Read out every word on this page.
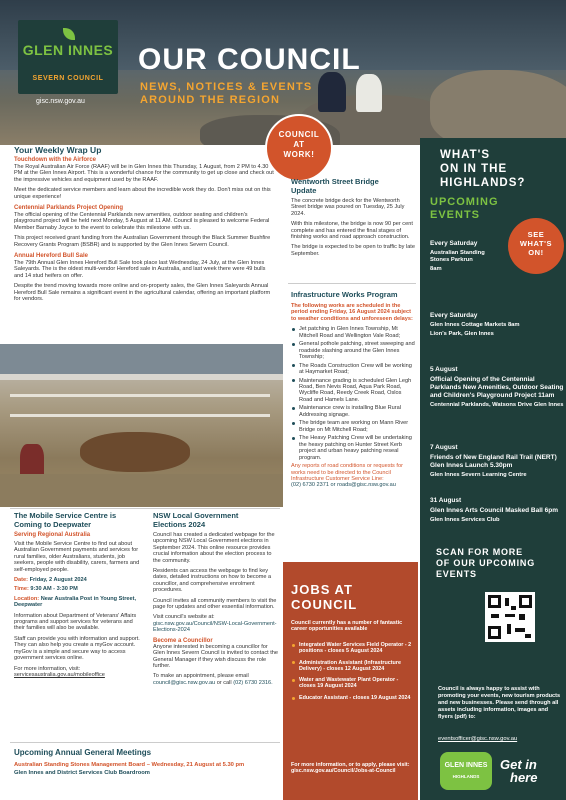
GLEN INNES
SEVERN COUNCIL
gisc.nsw.gov.au
OUR COUNCIL
NEWS, NOTICES & EVENTS
AROUND THE REGION
Your Weekly Wrap Up
Touchdown with the Airforce
The Royal Australian Air Force (RAAF) will be in Glen Innes this Thursday, 1 August, from 2 PM to 4.30 PM at the Glen Innes Airport. This is a wonderful chance for the community to get up close and check out the impressive vehicles and equipment used by the RAAF.
Meet the dedicated service members and learn about the incredible work they do. Don't miss out on this unique experience!
Centennial Parklands Project Opening
The official opening of the Centennial Parklands new amenities, outdoor seating and children's playground project will be held next Monday, 5 August at 11 AM. Council is pleased to welcome Federal Member Barnaby Joyce to the event to celebrate this milestone with us.
This project received grant funding from the Australian Government through the Black Summer Bushfire Recovery Grants Program (BSBR) and is supported by the Glen Innes Severn Council.
Annual Hereford Bull Sale
The 79th Annual Glen Innes Hereford Bull Sale took place last Wednesday, 24 July, at the Glen Innes Saleyards. The is the oldest multi-vendor Hereford sale in Australia, and last week there were 49 bulls and 14 stud heifers on offer.
Despite the trend moving towards more online and on-property sales, the Glen Innes Saleyards Annual Hereford Bull Sale remains a significant event in the agricultural calendar, offering an important platform for vendors.
COUNCIL
AT
WORK!
Wentworth Street Bridge
Update
The concrete bridge deck for the Wentworth Street bridge was poured on Tuesday, 25 July 2024.
With this milestone, the bridge is now 90 per cent complete and has entered the final stages of finishing works and road approach construction.
The bridge is expected to be open to traffic by late September.
Infrastructure Works Program
The following works are scheduled in the period ending Friday, 16 August 2024 subject to weather conditions and unforeseen delays:
Jet patching in Glen Innes Township, Mt Mitchell Road and Wellington Vale Road;
General pothole patching, street sweeping and roadside slashing around the Glen Innes Township;
The Roads Construction Crew will be working at Haymarket Road;
Maintenance grading is scheduled Glen Legh Road, Ben Nevis Road, Aqua Park Road, Wycliffe Road, Reedy Creek Road, Oslos Road and Hamels Lane.
Maintenance crew is installing Blue Rural Addressing signage.
The bridge team are working on Mann River Bridge on Mt Mitchell Road;
The Heavy Patching Crew will be undertaking the heavy patching on Hunter Street Kerb project and urban heavy patching reseal program.
Any reports of road conditions or requests for works need to be directed to the Council Infrastructure Customer Service Line:
(02) 6730 2371 or roads@gisc.nsw.gov.au
The Mobile Service Centre is
Coming to Deepwater
Serving Regional Australia
Visit the Mobile Service Centre to find out about Australian Government payments and services for rural families, older Australians, students, job seekers, people with disability, carers, farmers and self-employed people.
Date: Friday, 2 August 2024
Time: 9:30 AM - 3:30 PM
Location: Near Australia Post in Young Street, Deepwater
Information about Department of Veterans' Affairs programs and support services for veterans and their families will also be available.
Staff can provide you with information and support. They can also help you create a myGov account. myGov is a simple and secure way to access government services online.
For more information, visit:
servicesaustralia.gov.au/mobileoffice
NSW Local Government
Elections 2024
Council has created a dedicated webpage for the upcoming NSW Local Government elections in September 2024. This online resource provides crucial information about the election process to the community.
Residents can access the webpage to find key dates, detailed instructions on how to become a councillor, and comprehensive enrolment procedures.
Council invites all community members to visit the page for updates and other essential information.
Visit council's website at: gisc.nsw.gov.au/Council/NSW-Local-Government-Elections-2024
Become a Councillor
Anyone interested in becoming a councillor for Glen Innes Severn Council is invited to contact the General Manager if they wish discuss the role further.
To make an appointment, please email council@gisc.nsw.gov.au or call (02) 6730 2316.
Upcoming Annual General Meetings
Australian Standing Stones Management Board – Wednesday, 21 August at 5.30 pm
Glen Innes and District Services Club Boardroom
JOBS AT
COUNCIL
Council currently has a number of fantastic career opportunities available
Integrated Water Services Field Operator - 2 positions - closes 5 August 2024
Administration Assistant (Infrastructure Delivery) - closes 12 August 2024
Water and Wastewater Plant Operator - closes 19 August 2024
Educator Assistant - closes 19 August 2024
For more information, or to apply, please visit: gisc.nsw.gov.au/Council/Jobs-at-Council
WHAT'S
ON IN THE
HIGHLANDS?
UPCOMING
EVENTS
SEE
WHAT'S
ON!
Every Saturday
Australian Standing Stones Parkrun
8am
Every Saturday
Glen Innes Cottage Markets 8am
Lion's Park, Glen Innes
5 August
Official Opening of the Centennial Parklands New Amenities, Outdoor Seating and Children's Playground Project 11am
Centennial Parklands, Watsons Drive Glen Innes
7 August
Friends of New England Rail Trail (NERT) Glen Innes Launch 5.30pm
Glen Innes Severn Learning Centre
31 August
Glen Innes Arts Council Masked Ball 6pm
Glen Innes Services Club
SCAN FOR MORE
OF OUR UPCOMING
EVENTS
Council is always happy to assist with promoting your events, new tourism products and new businesses. Please send through all assets including information, images and flyers (pdf) to:
eventsofficer@gisc.nsw.gov.au
GLEN INNES
HIGHLANDS
Get in
here
